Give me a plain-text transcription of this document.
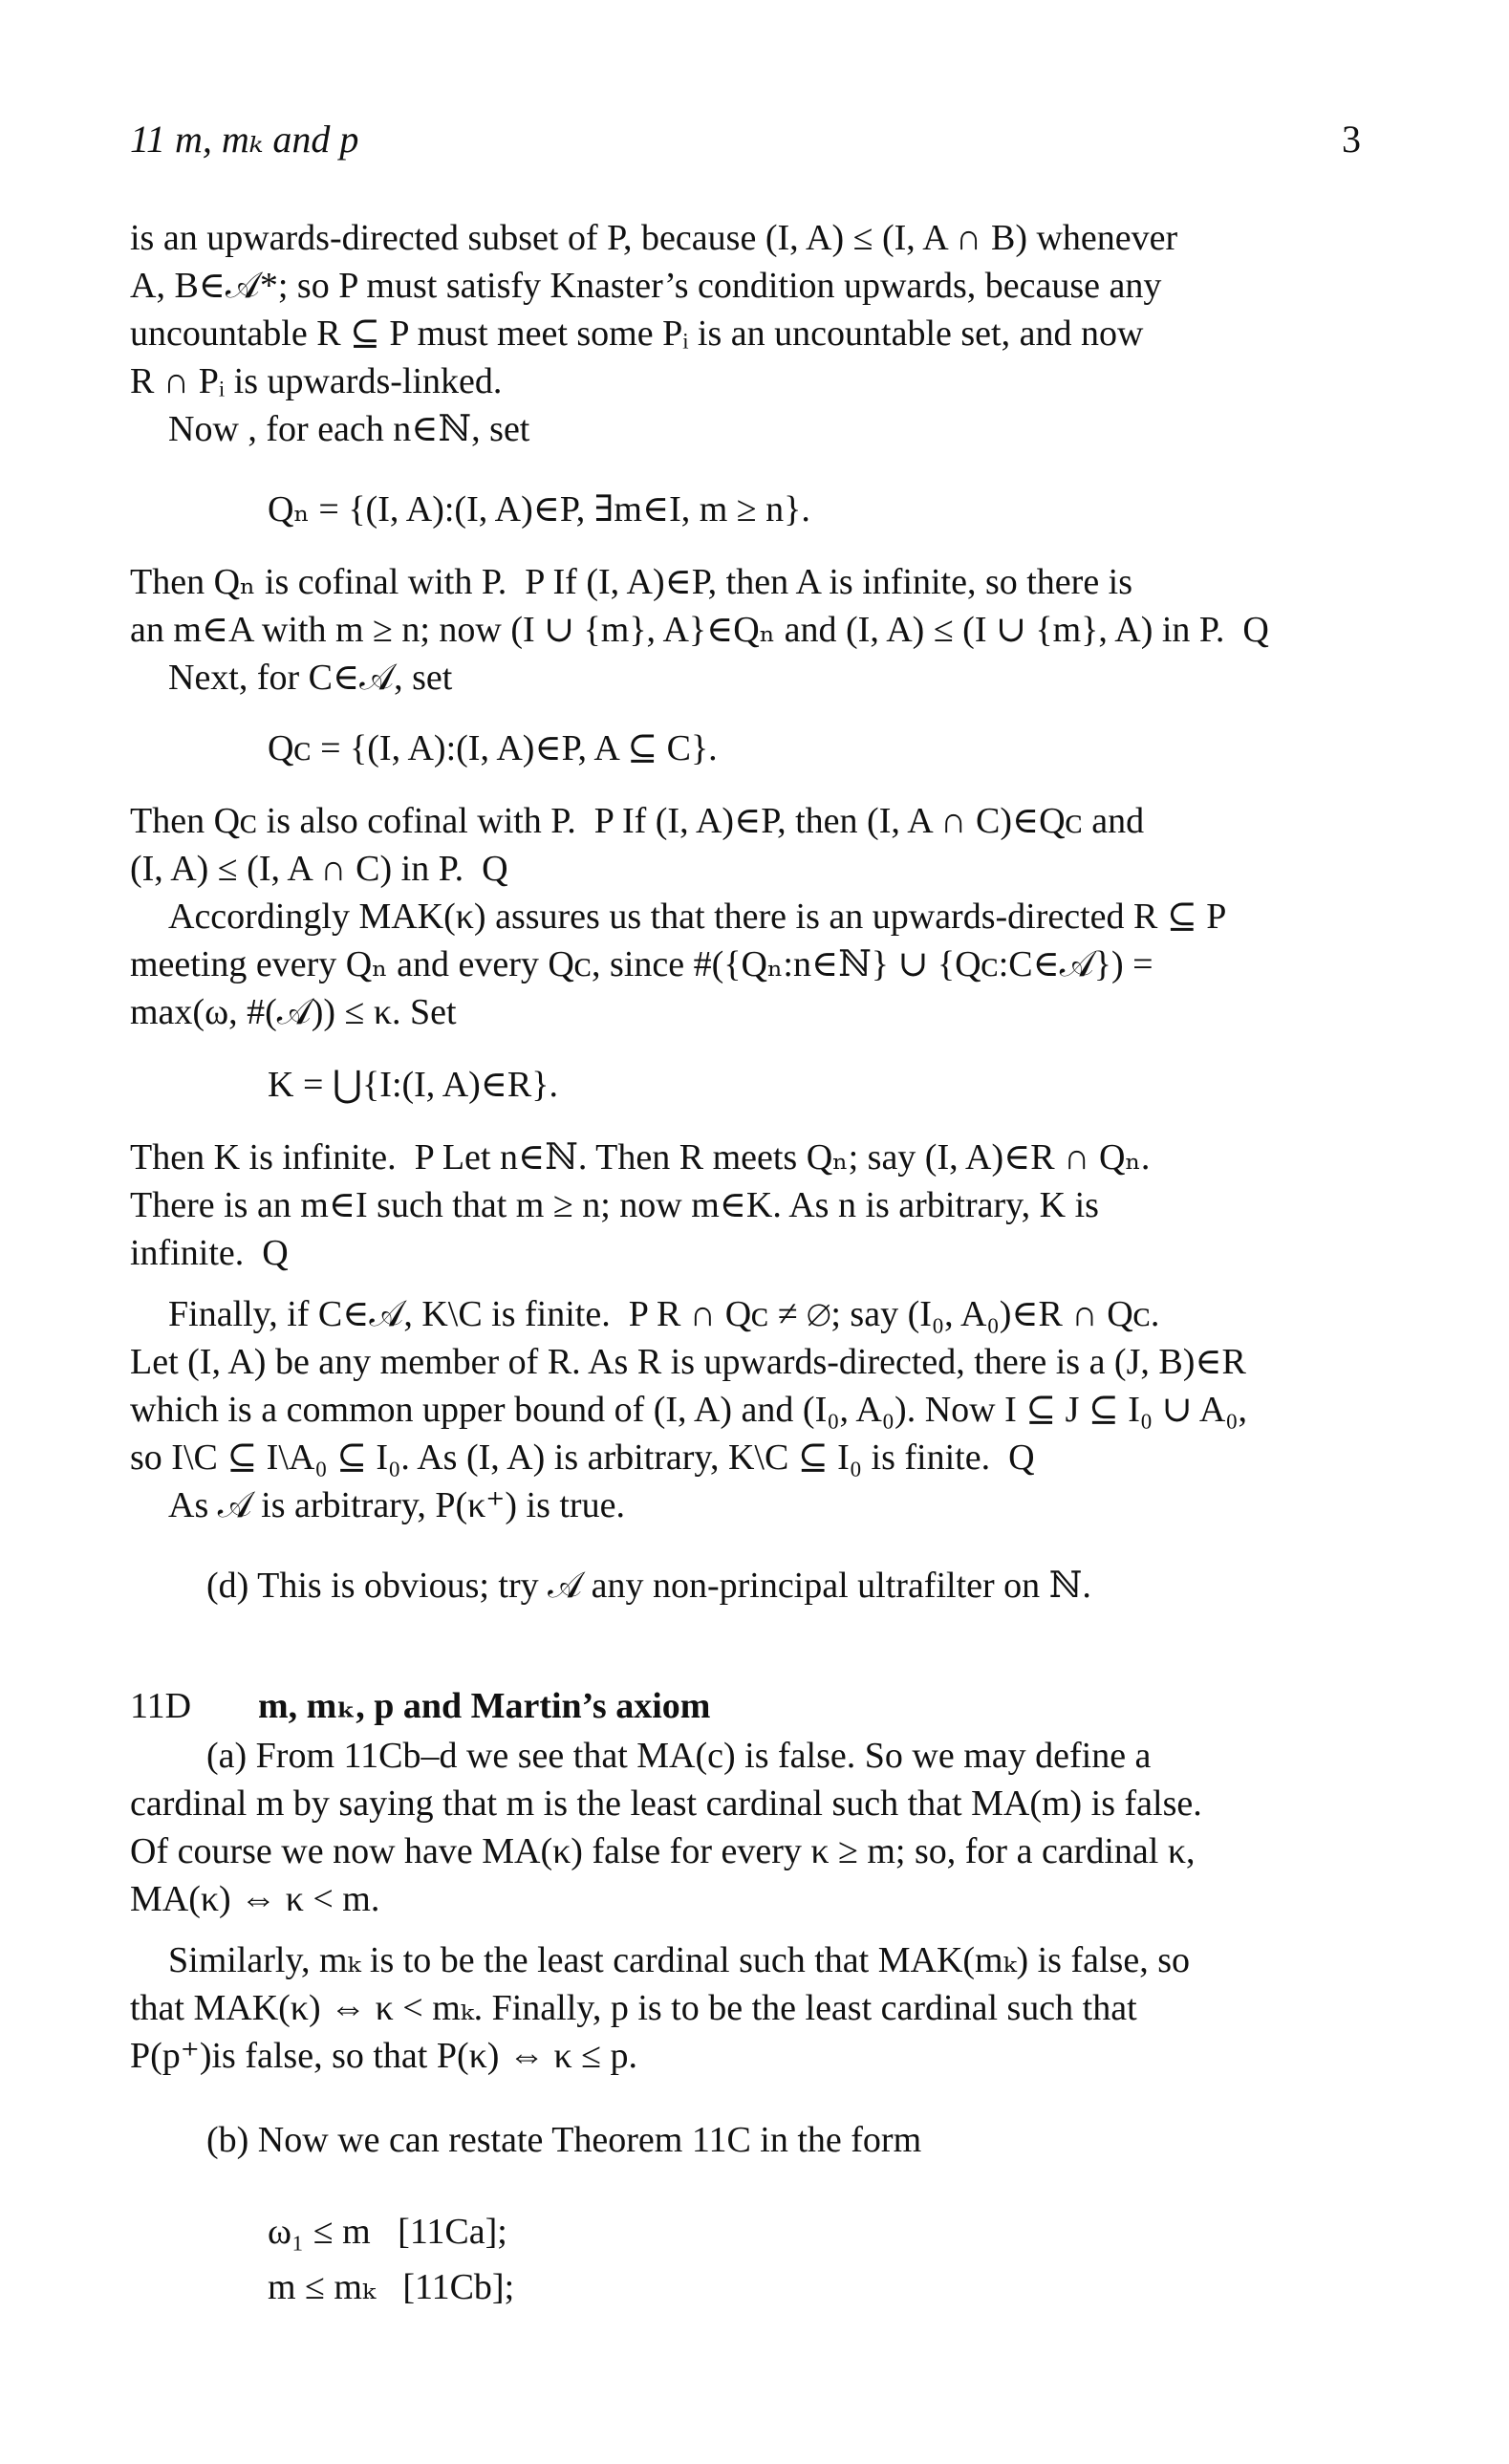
11 m, mₖ and p	3
is an upwards-directed subset of P, because (I, A) ≤ (I, A ∩ B) whenever
A, B∈𝒜*; so P must satisfy Knaster’s condition upwards, because any
uncountable R ⊆ P must meet some Pᵢ is an uncountable set, and now
R ∩ Pᵢ is upwards-linked.
Now , for each n∈ℕ, set
Qₙ = {(I, A):(I, A)∈P, ∃m∈I, m ≥ n}.
Then Qₙ is cofinal with P.  P If (I, A)∈P, then A is infinite, so there is
an m∈A with m ≥ n; now (I ∪ {m}, A}∈Qₙ and (I, A) ≤ (I ∪ {m}, A) in P.  Q
Next, for C∈𝒜, set
Qᴄ = {(I, A):(I, A)∈P, A ⊆ C}.
Then Qᴄ is also cofinal with P.  P If (I, A)∈P, then (I, A ∩ C)∈Qᴄ and
(I, A) ≤ (I, A ∩ C) in P.  Q
Accordingly MAK(κ) assures us that there is an upwards-directed R ⊆ P
meeting every Qₙ and every Qᴄ, since #({Qₙ:n∈ℕ} ∪ {Qᴄ:C∈𝒜}) =
max(ω, #(𝒜)) ≤ κ. Set
K = ⋃{I:(I, A)∈R}.
Then K is infinite.  P Let n∈ℕ. Then R meets Qₙ; say (I, A)∈R ∩ Qₙ.
There is an m∈I such that m ≥ n; now m∈K. As n is arbitrary, K is
infinite.  Q
Finally, if C∈𝒜, K\C is finite.  P R ∩ Qᴄ ≠ ∅; say (I₀, A₀)∈R ∩ Qᴄ.
Let (I, A) be any member of R. As R is upwards-directed, there is a (J, B)∈R
which is a common upper bound of (I, A) and (I₀, A₀). Now I ⊆ J ⊆ I₀ ∪ A₀,
so I\C ⊆ I\A₀ ⊆ I₀. As (I, A) is arbitrary, K\C ⊆ I₀ is finite.  Q
As 𝒜 is arbitrary, P(κ⁺) is true.
(d) This is obvious; try 𝒜 any non-principal ultrafilter on ℕ.
11D m, mₖ, p and Martin’s axiom
(a) From 11Cb–d we see that MA(c) is false. So we may define a
cardinal m by saying that m is the least cardinal such that MA(m) is false.
Of course we now have MA(κ) false for every κ ≥ m; so, for a cardinal κ,
MA(κ) ⇔ κ < m.
Similarly, mₖ is to be the least cardinal such that MAK(mₖ) is false, so
that MAK(κ) ⇔ κ < mₖ. Finally, p is to be the least cardinal such that
P(p⁺)is false, so that P(κ) ⇔ κ ≤ p.
(b) Now we can restate Theorem 11C in the form
ω₁ ≤ m   [11Ca];
m ≤ mₖ   [11Cb];
